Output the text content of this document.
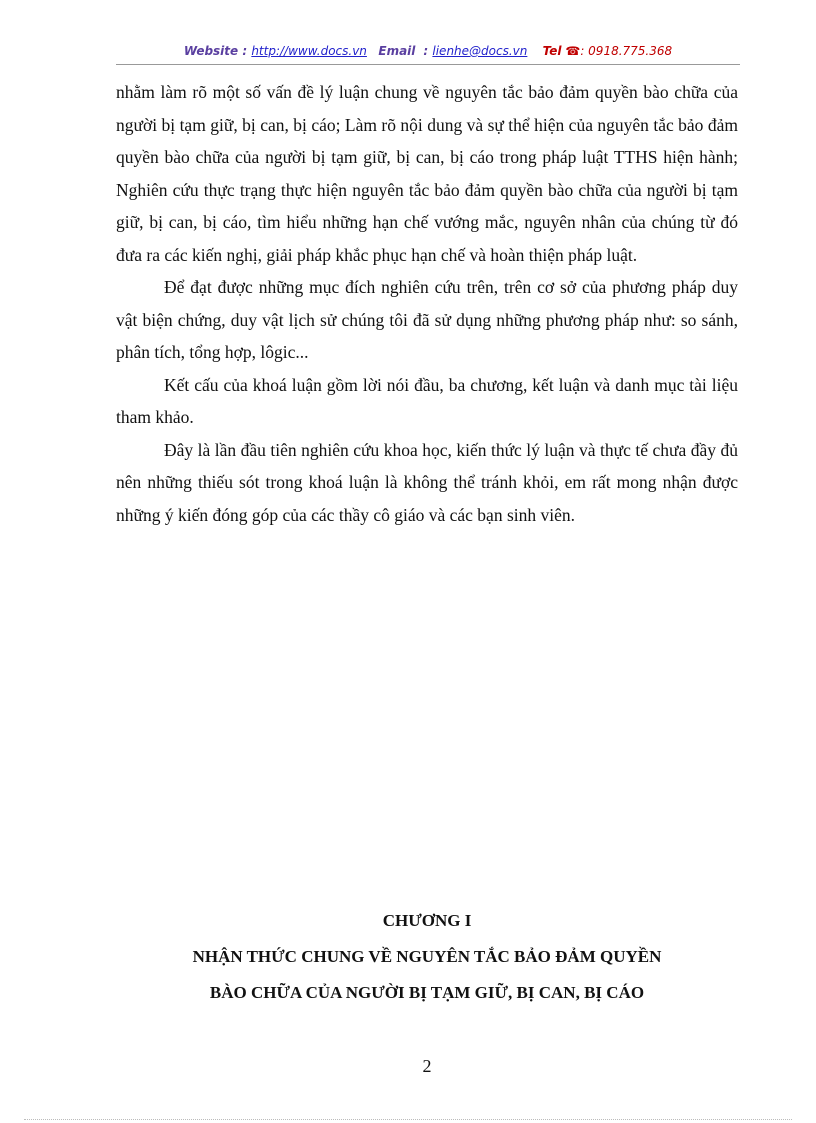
Website : http://www.docs.vn Email  : lienhe@docs.vn Tel ☎: 0918.775.368

nhằm làm rõ một số vấn đề lý luận chung về nguyên tắc bảo đảm quyền bào chữa của người bị tạm giữ, bị can, bị cáo; Làm rõ nội dung và sự thể hiện của nguyên tắc bảo đảm quyền bào chữa của người bị tạm giữ, bị can, bị cáo trong pháp luật TTHS hiện hành; Nghiên cứu thực trạng thực hiện nguyên tắc bảo đảm quyền bào chữa của người bị tạm giữ, bị can, bị cáo, tìm hiểu những hạn chế vướng mắc, nguyên nhân của chúng từ đó đưa ra các kiến nghị, giải pháp khắc phục hạn chế và hoàn thiện pháp luật.

Để đạt được những mục đích nghiên cứu trên, trên cơ sở của phương pháp duy vật biện chứng, duy vật lịch sử chúng tôi đã sử dụng những phương pháp như: so sánh, phân tích, tổng hợp, lôgic...

Kết cấu của khoá luận gồm lời nói đầu, ba chương, kết luận và danh mục tài liệu tham khảo.

Đây là lần đầu tiên nghiên cứu khoa học, kiến thức lý luận và thực tế chưa đầy đủ nên những thiếu sót trong khoá luận là không thể tránh khỏi, em rất mong nhận được những ý kiến đóng góp của các thầy cô giáo và các bạn sinh viên.

CHƯƠNG I
NHẬN THỨC CHUNG VỀ NGUYÊN TẮC BẢO ĐẢM QUYỀN
BÀO CHỮA CỦA NGƯỜI BỊ TẠM GIỮ, BỊ CAN, BỊ CÁO
2
